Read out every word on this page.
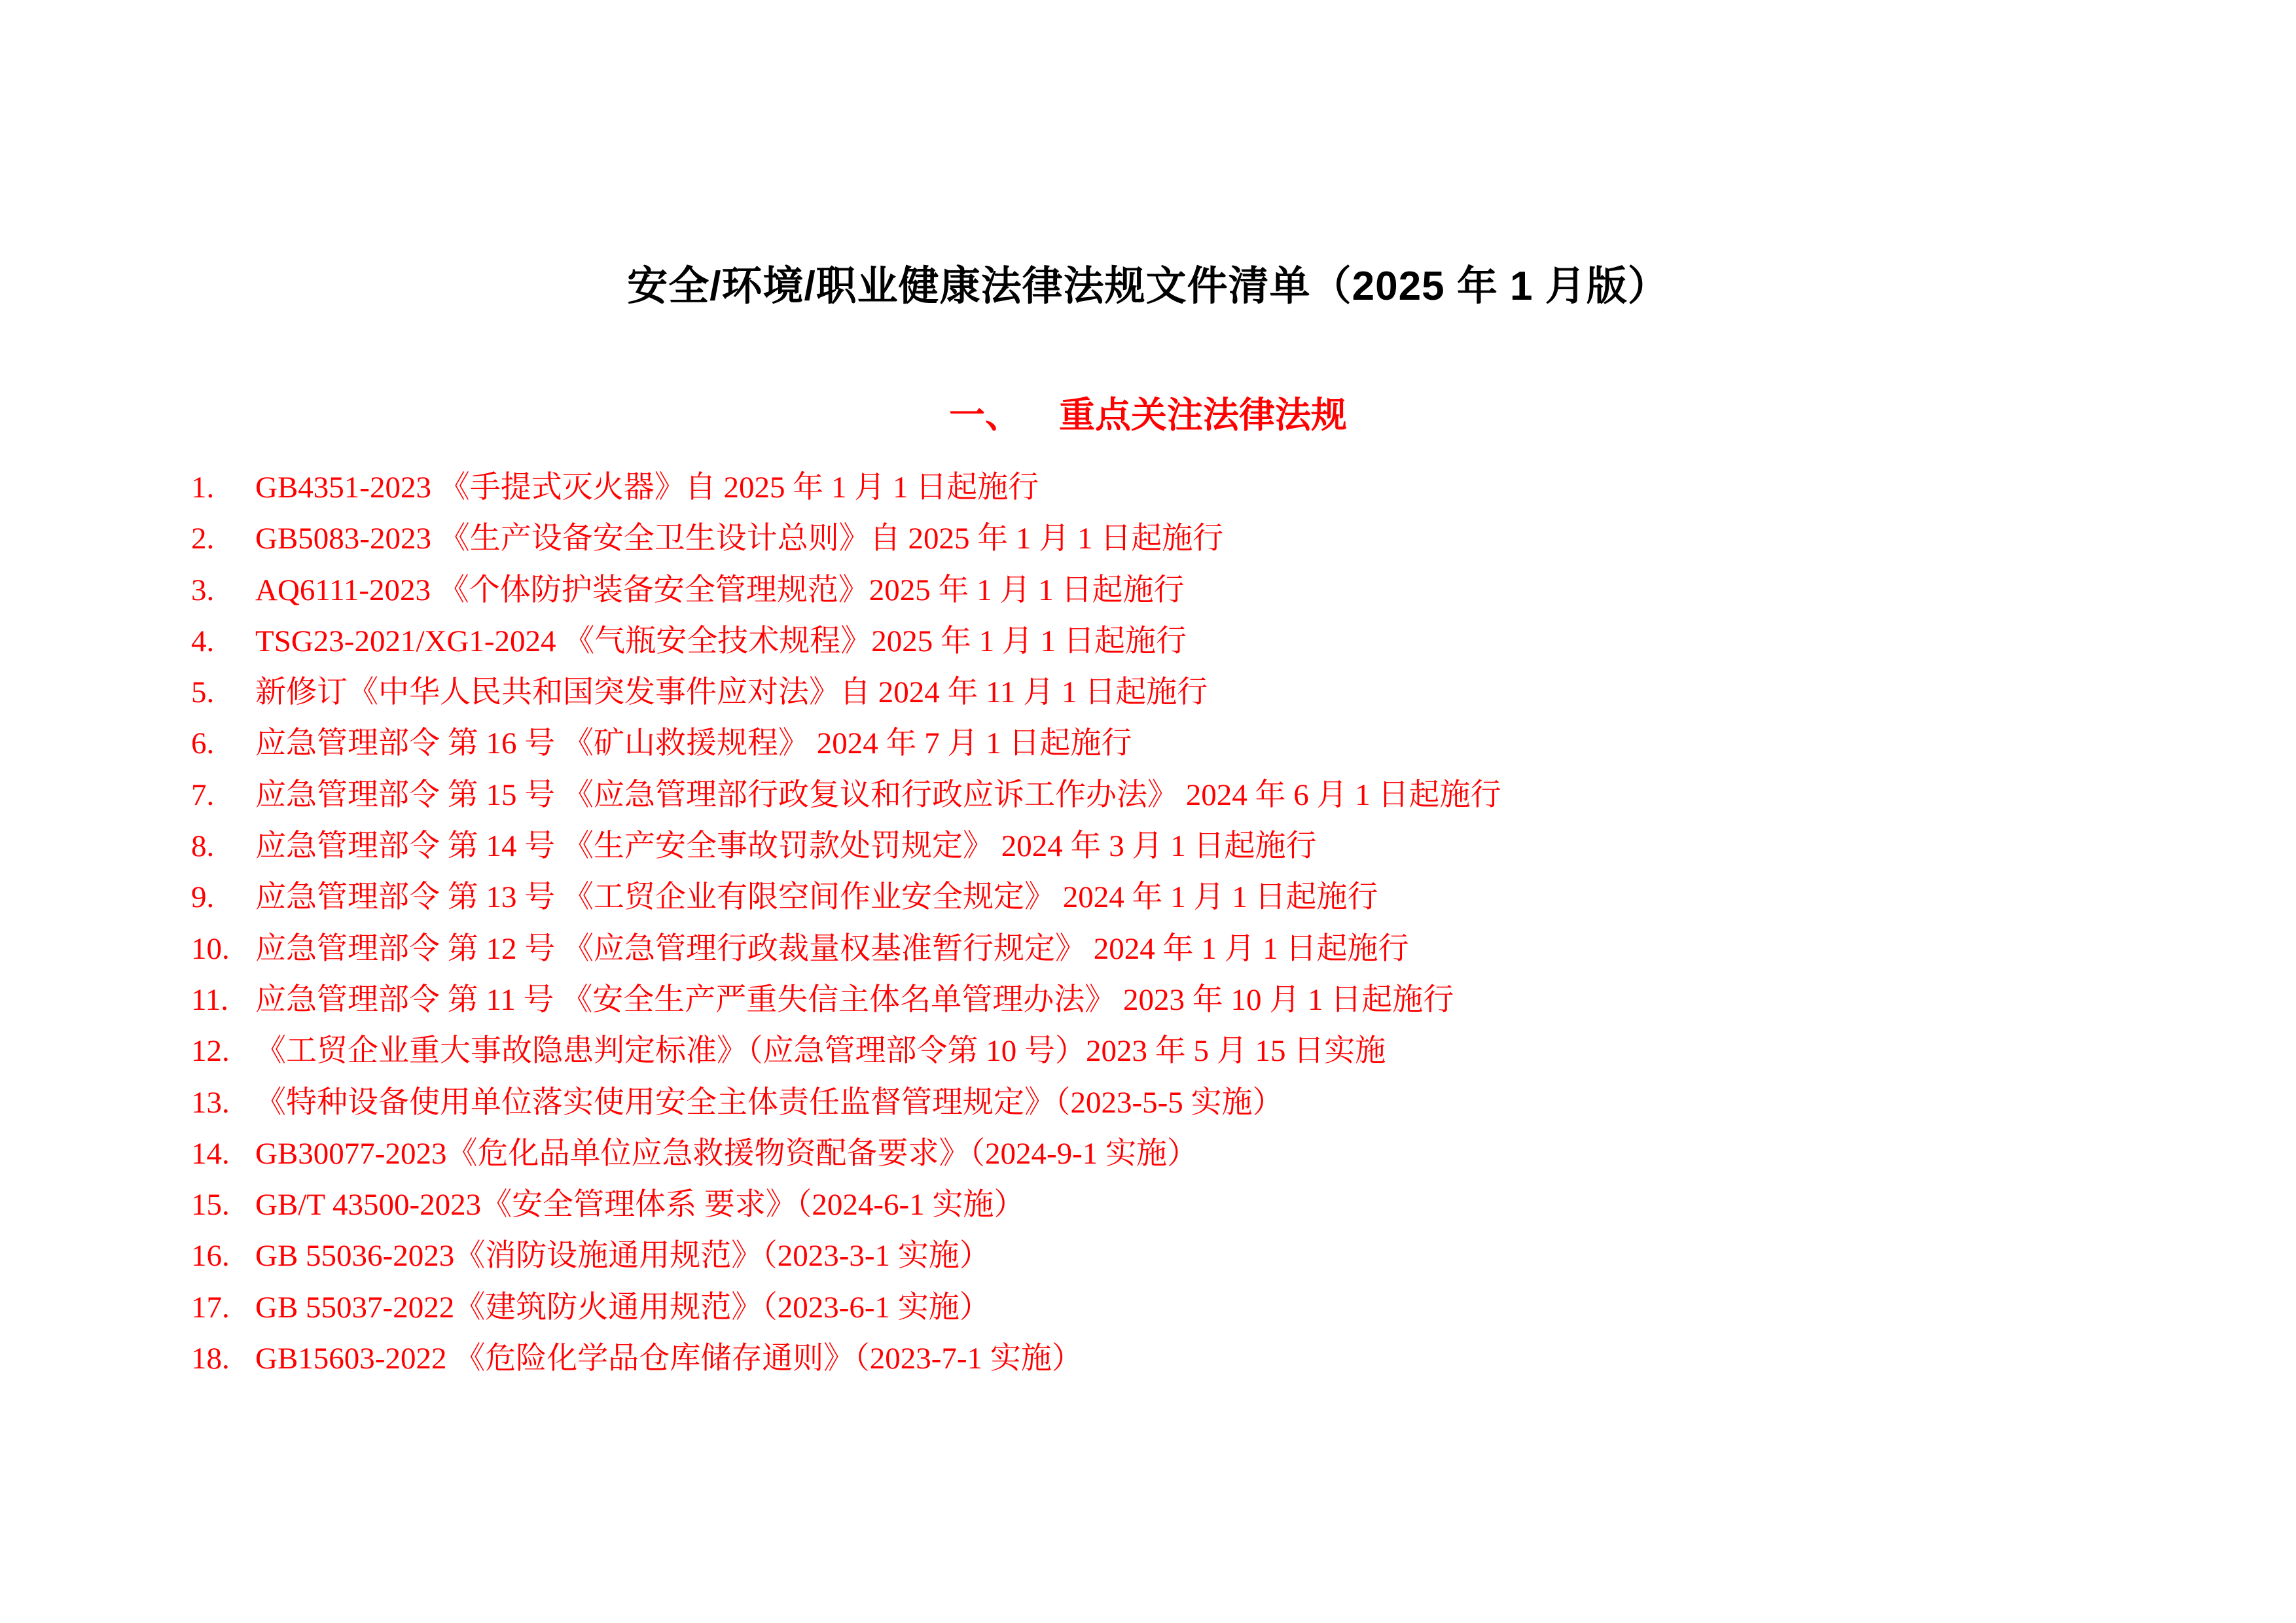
安全/环境/职业健康法律法规文件清单（2025 年 1 月版）
一、 重点关注法律法规
1.	GB4351-2023 《手提式灭火器》自 2025 年 1 月 1 日起施行
2.	GB5083-2023 《生产设备安全卫生设计总则》自 2025 年 1 月 1 日起施行
3.	AQ6111-2023 《个体防护装备安全管理规范》2025 年 1 月 1 日起施行
4.	TSG23-2021/XG1-2024 《气瓶安全技术规程》2025 年 1 月 1 日起施行
5.	新修订《中华人民共和国突发事件应对法》自 2024 年 11 月 1 日起施行
6.	应急管理部令 第 16 号 《矿山救援规程》 2024 年 7 月 1 日起施行
7.	应急管理部令 第 15 号 《应急管理部行政复议和行政应诉工作办法》 2024 年 6 月 1 日起施行
8.	应急管理部令 第 14 号 《生产安全事故罚款处罚规定》 2024 年 3 月 1 日起施行
9.	应急管理部令 第 13 号 《工贸企业有限空间作业安全规定》 2024 年 1 月 1 日起施行
10. 应急管理部令 第 12 号 《应急管理行政裁量权基准暂行规定》 2024 年 1 月 1 日起施行
11. 应急管理部令 第 11 号 《安全生产严重失信主体名单管理办法》 2023 年 10 月 1 日起施行
12. 《工贸企业重大事故隐患判定标准》（应急管理部令第 10 号）2023 年 5 月 15 日实施
13. 《特种设备使用单位落实使用安全主体责任监督管理规定》（2023-5-5 实施）
14. GB30077-2023《危化品单位应急救援物资配备要求》（2024-9-1 实施）
15. GB/T 43500-2023《安全管理体系 要求》（2024-6-1 实施）
16. GB 55036-2023《消防设施通用规范》（2023-3-1 实施）
17. GB 55037-2022《建筑防火通用规范》（2023-6-1 实施）
18. GB15603-2022 《危险化学品仓库储存通则》（2023-7-1 实施）
